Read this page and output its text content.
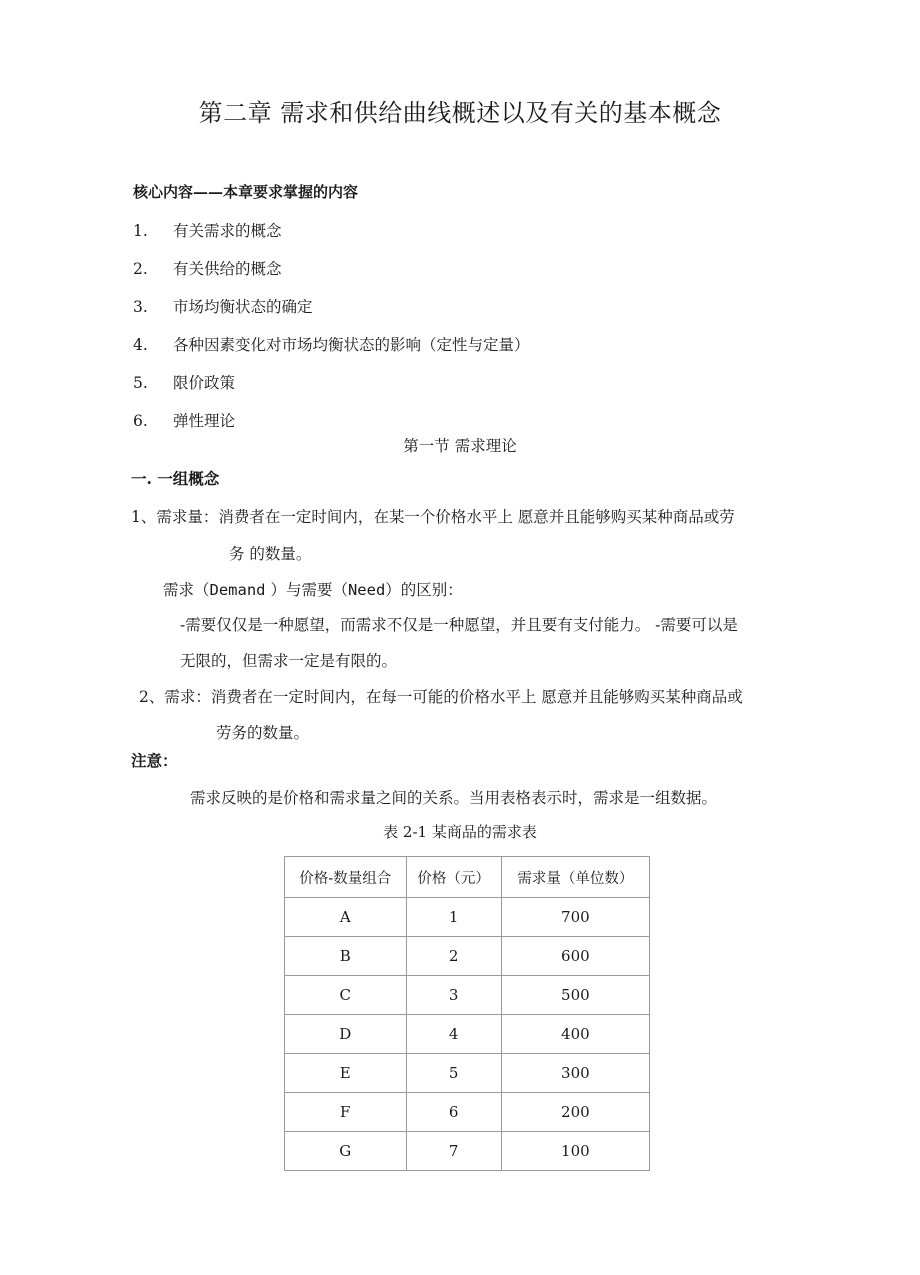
第二章 需求和供给曲线概述以及有关的基本概念
核心内容——本章要求掌握的内容
1. 有关需求的概念
2. 有关供给的概念
3. 市场均衡状态的确定
4. 各种因素变化对市场均衡状态的影响（定性与定量）
5. 限价政策
6. 弹性理论
第一节 需求理论
一. 一组概念
1、需求量：消费者在一定时间内，在某一个价格水平上 愿意并且能够购买某种商品或劳
务 的数量。
需求（Demand ）与需要（Need）的区别：
-需要仅仅是一种愿望，而需求不仅是一种愿望，并且要有支付能力。 -需要可以是
无限的，但需求一定是有限的。
2、需求：消费者在一定时间内，在每一可能的价格水平上 愿意并且能够购买某种商品或
劳务的数量。
注意：
需求反映的是价格和需求量之间的关系。当用表格表示时，需求是一组数据。
表 2-1 某商品的需求表
价格-数量组合	价格（元）	需求量（单位数）
A	1	700
B	2	600
C	3	500
D	4	400
E	5	300
F	6	200
G	7	100
